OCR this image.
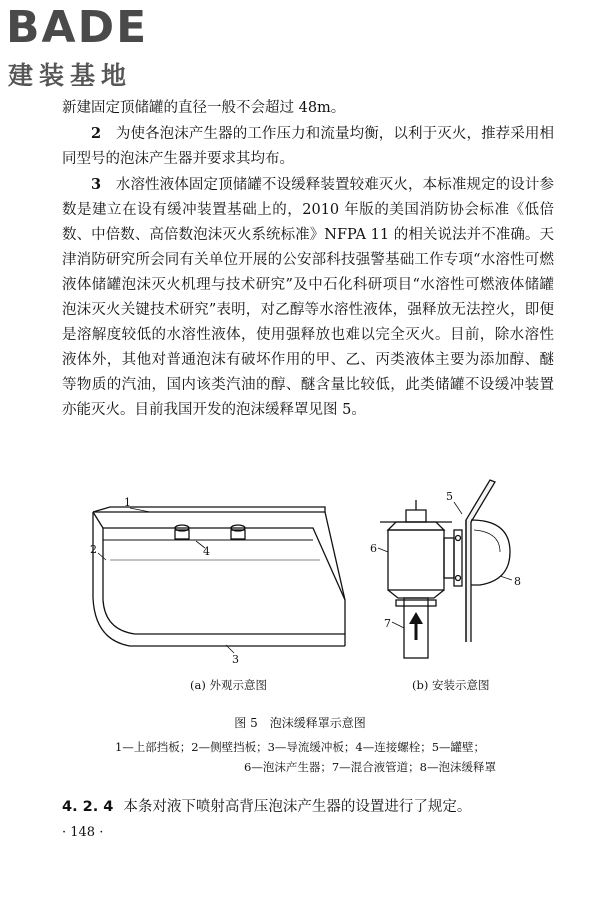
BADE
建装基地

新建固定顶储罐的直径一般不会超过 48m。

2　 为使各泡沫产生器的工作压力和流量均衡，以利于灭火，推荐采用相同型号的泡沫产生器并要求其均布。

3　 水溶性液体固定顶储罐不设缓释装置较难灭火，本标准规定的设计参数是建立在设有缓冲装置基础上的，2010 年版的美国消防协会标准《低倍数、中倍数、高倍数泡沫灭火系统标准》NFPA 11 的相关说法并不准确。天津消防研究所会同有关单位开展的公安部科技强警基础工作专项“水溶性可燃液体储罐泡沫灭火机理与技术研究”及中石化科研项目“水溶性可燃液体储罐泡沫灭火关键技术研究”表明，对乙醇等水溶性液体，强释放无法控火，即便是溶解度较低的水溶性液体，使用强释放也难以完全灭火。目前，除水溶性液体外，其他对普通泡沫有破坏作用的甲、乙、丙类液体主要为添加醇、醚等物质的汽油，国内该类汽油的醇、醚含量比较低，此类储罐不设缓冲装置亦能灭火。目前我国开发的泡沫缓释罩见图 5。

1
2
3
4
5
6
7
8
(a) 外观示意图	(b) 安装示意图
图 5　泡沫缓释罩示意图
1—上部挡板；2—侧壁挡板；3—导流缓冲板；4—连接螺栓；5—罐壁；
6—泡沫产生器；7—混合液管道；8—泡沫缓释罩
4. 2. 4 本条对液下喷射高背压泡沫产生器的设置进行了规定。
· 148 ·
